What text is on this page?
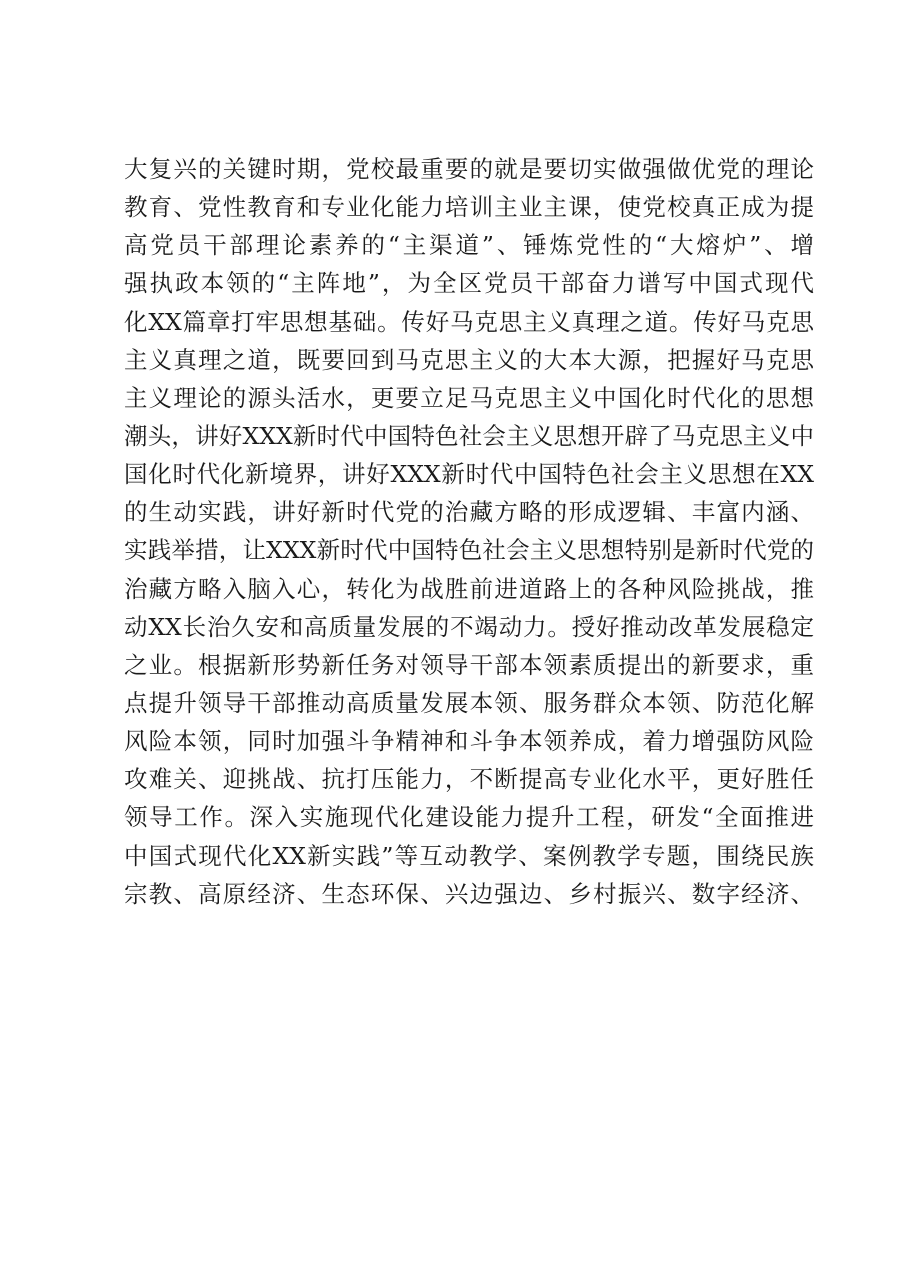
大复兴的关键时期，党校最重要的就是要切实做强做优党的理论
教育、党性教育和专业化能力培训主业主课，使党校真正成为提
高党员干部理论素养的“主渠道”、锤炼党性的“大熔炉”、增
强执政本领的“主阵地”，为全区党员干部奋力谱写中国式现代
化XX篇章打牢思想基础。传好马克思主义真理之道。传好马克思
主义真理之道，既要回到马克思主义的大本大源，把握好马克思
主义理论的源头活水，更要立足马克思主义中国化时代化的思想
潮头，讲好XXX新时代中国特色社会主义思想开辟了马克思主义中
国化时代化新境界，讲好XXX新时代中国特色社会主义思想在XX
的生动实践，讲好新时代党的治藏方略的形成逻辑、丰富内涵、
实践举措，让XXX新时代中国特色社会主义思想特别是新时代党的
治藏方略入脑入心，转化为战胜前进道路上的各种风险挑战，推
动XX长治久安和高质量发展的不竭动力。授好推动改革发展稳定
之业。根据新形势新任务对领导干部本领素质提出的新要求，重
点提升领导干部推动高质量发展本领、服务群众本领、防范化解
风险本领，同时加强斗争精神和斗争本领养成，着力增强防风险
攻难关、迎挑战、抗打压能力，不断提高专业化水平，更好胜任
领导工作。深入实施现代化建设能力提升工程，研发“全面推进
中国式现代化XX新实践”等互动教学、案例教学专题，围绕民族
宗教、高原经济、生态环保、兴边强边、乡村振兴、数字经济、
